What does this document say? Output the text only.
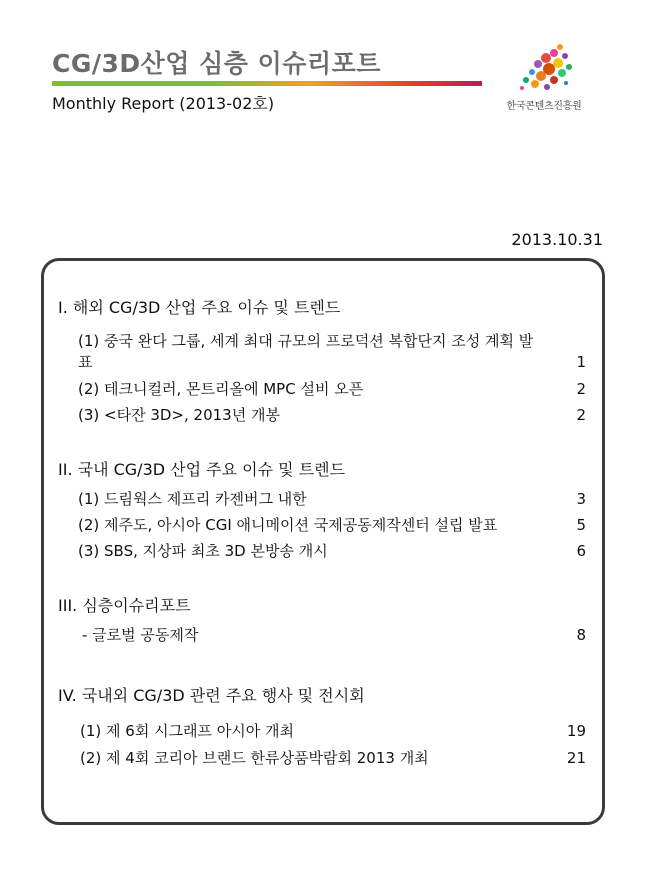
CG/3D산업 심층 이슈리포트
Monthly Report (2013-02호)	한국콘텐츠진흥원
2013.10.31
I. 해외 CG/3D 산업 주요 이슈 및 트렌드
(1) 중국 완다 그룹, 세계 최대 규모의 프로덕션 복합단지 조성 계획 발표	1
(2) 테크니컬러, 몬트리올에 MPC 설비 오픈	2
(3) <타잔 3D>, 2013년 개봉	2
II. 국내 CG/3D 산업 주요 이슈 및 트렌드
(1) 드림웍스 제프리 카젠버그 내한	3
(2) 제주도, 아시아 CGI 애니메이션 국제공동제작센터 설립 발표	5
(3) SBS, 지상파 최초 3D 본방송 개시	6
III. 심층이슈리포트
- 글로벌 공동제작	8
IV. 국내외 CG/3D 관련 주요 행사 및 전시회
(1) 제 6회 시그래프 아시아 개최	19
(2) 제 4회 코리아 브랜드 한류상품박람회 2013 개최	21
